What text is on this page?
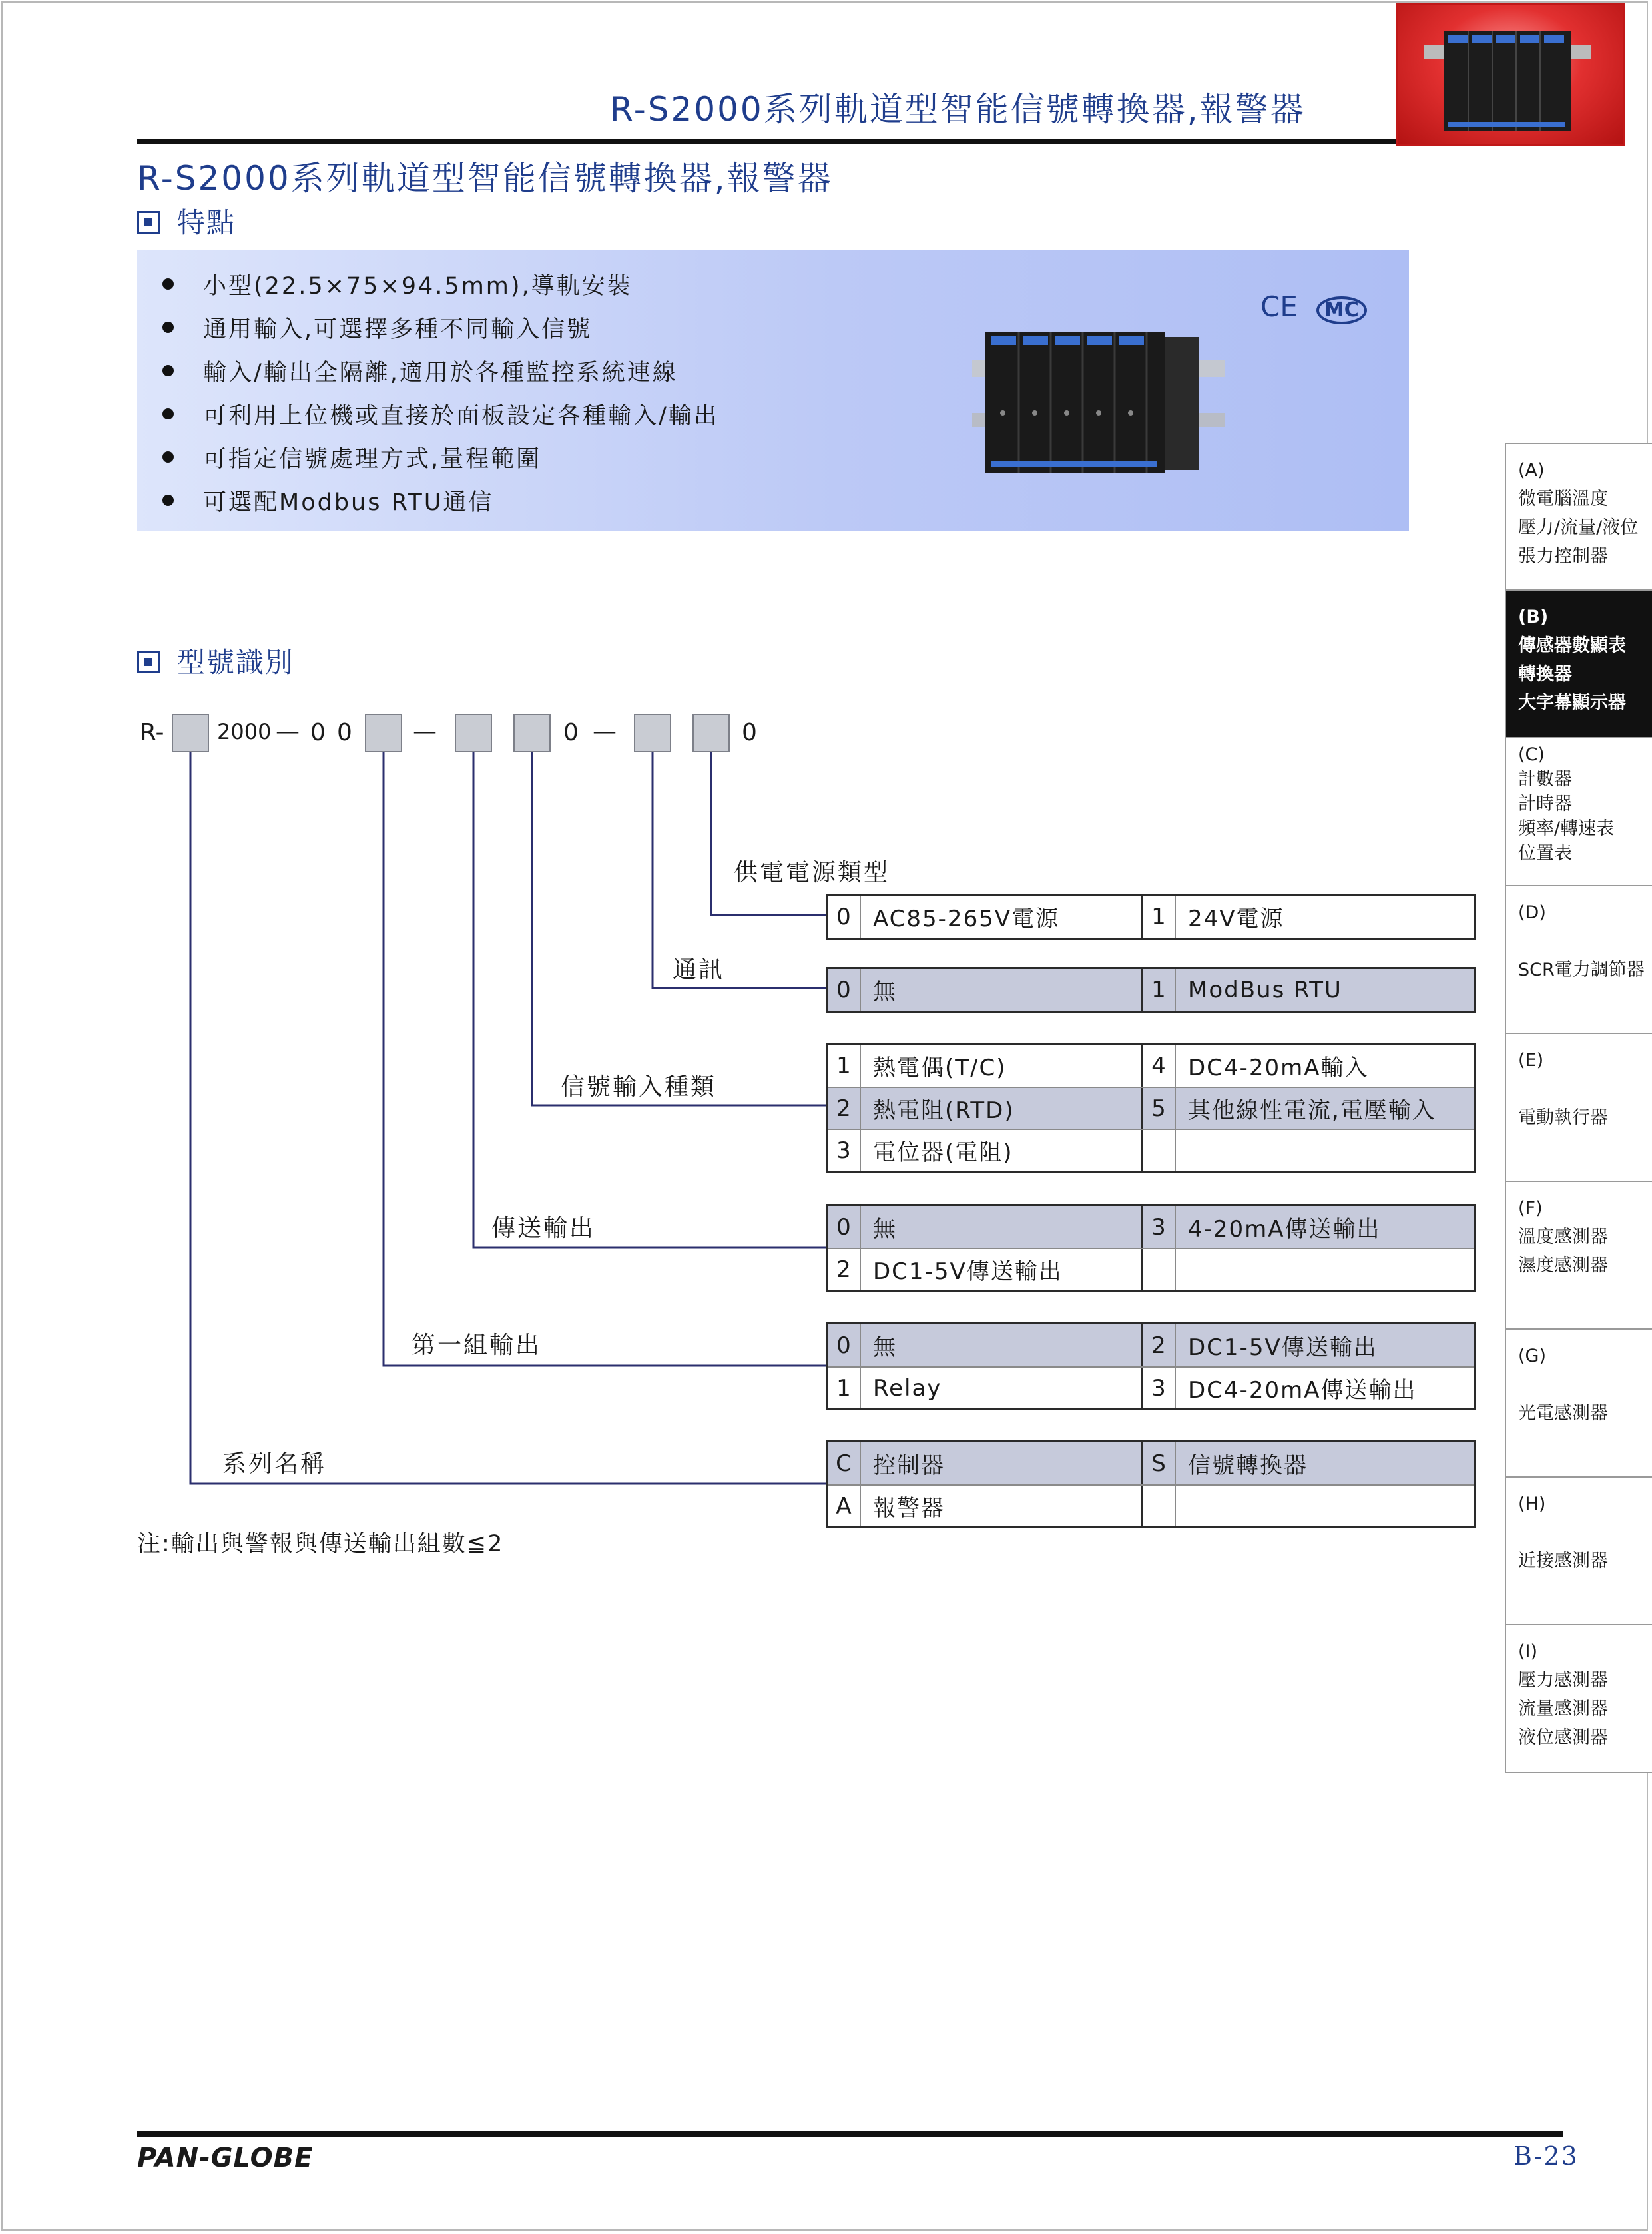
R-S2000系列軌道型智能信號轉換器,報警器
R-S2000系列軌道型智能信號轉換器,報警器
特點
小型(22.5×75×94.5mm),導軌安裝
通用輸入,可選擇多種不同輸入信號
輸入/輸出全隔離,適用於各種監控系統連線
可利用上位機或直接於面板設定各種輸入/輸出
可指定信號處理方式,量程範圍
可選配Modbus RTU通信
CE MC
型號識別
R- 2000 — 0 0	—	0 —	0
供電電源類型
0 AC85-265V電源	1 24V電源
通訊
0 無	1 ModBus RTU
信號輸入種類
1 熱電偶(T/C)	4 DC4-20mA輸入
2 熱電阻(RTD)	5 其他線性電流,電壓輸入
3 電位器(電阻)
傳送輸出	0 無	3 4-20mA傳送輸出
2 DC1-5V傳送輸出
第一組輸出	0 無	2 DC1-5V傳送輸出
1 Relay	3 DC4-20mA傳送輸出
系列名稱	C 控制器	S 信號轉換器
A 報警器
注:輸出與警報與傳送輸出組數≦2
(A)
微電腦溫度
壓力/流量/液位
張力控制器
(B)
傳感器數顯表
轉換器
大字幕顯示器
(C)
計數器
計時器
頻率/轉速表
位置表
(D)

SCR電力調節器
(E)

電動執行器
(F)
溫度感測器
濕度感測器
(G)

光電感測器
(H)

近接感測器
(I)
壓力感測器
流量感測器
液位感測器
PAN-GLOBE	B-23
